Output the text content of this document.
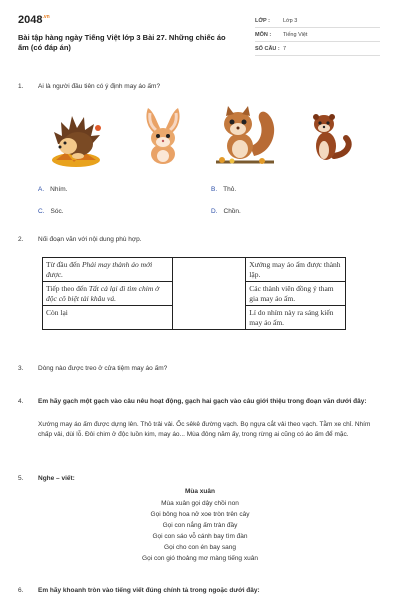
$2048^{.vn}$
Bài tập hàng ngày Tiếng Việt lớp 3 Bài 27. Những chiếc áo ấm (có đáp án)
LỚP :	Lớp 3
MÔN :	Tiếng Việt
SỐ CÂU : 7
1. Ai là người đầu tiên có ý định may áo ấm?
A. Nhím.	B. Thỏ.
C. Sóc.	D. Chồn.
2. Nối đoạn văn với nội dung phù hợp.
Từ đầu đến Phải may thành áo mới được.		Xướng may áo ấm được thành lập.
Tiếp theo đến Tất cả lại đi tìm chim ở độc cô biệt tài khâu vá.		Các thành viên đồng ý tham gia may áo ấm.
Còn lại		Lí do nhím này ra sáng kiến may áo ấm.
3. Dòng nào được treo ở cửa tiệm may áo ấm?
4.	Em hãy gạch một gạch vào câu nêu hoạt động, gạch hai gạch vào câu giới thiệu trong đoạn văn dưới đây:
Xướng may áo ấm được dựng lên. Thỏ trải vải. Ốc sêkê đường vạch. Bọ ngựa cắt vải theo vạch. Tằm xe chỉ. Nhím chấp vải, dùi lỗ. Đôi chim ở độc luồn kim, may áo... Mùa đông năm ấy, trong rừng ai cũng có áo ấm để mặc.
5. Nghe – viết:
Mùa xuân
Mùa xuân gọi dậy chồi non
Gọi bông hoa nở xoe tròn trên cây
Gọi con nắng ấm tràn đầy
Gọi con sáo vỗ cánh bay tìm đàn
Gọi cho con én bay sang
Gọi con gió thoảng mơ màng tiếng xuân
6. Em hãy khoanh tròn vào tiếng viết đúng chính tả trong ngoặc dưới đây:
